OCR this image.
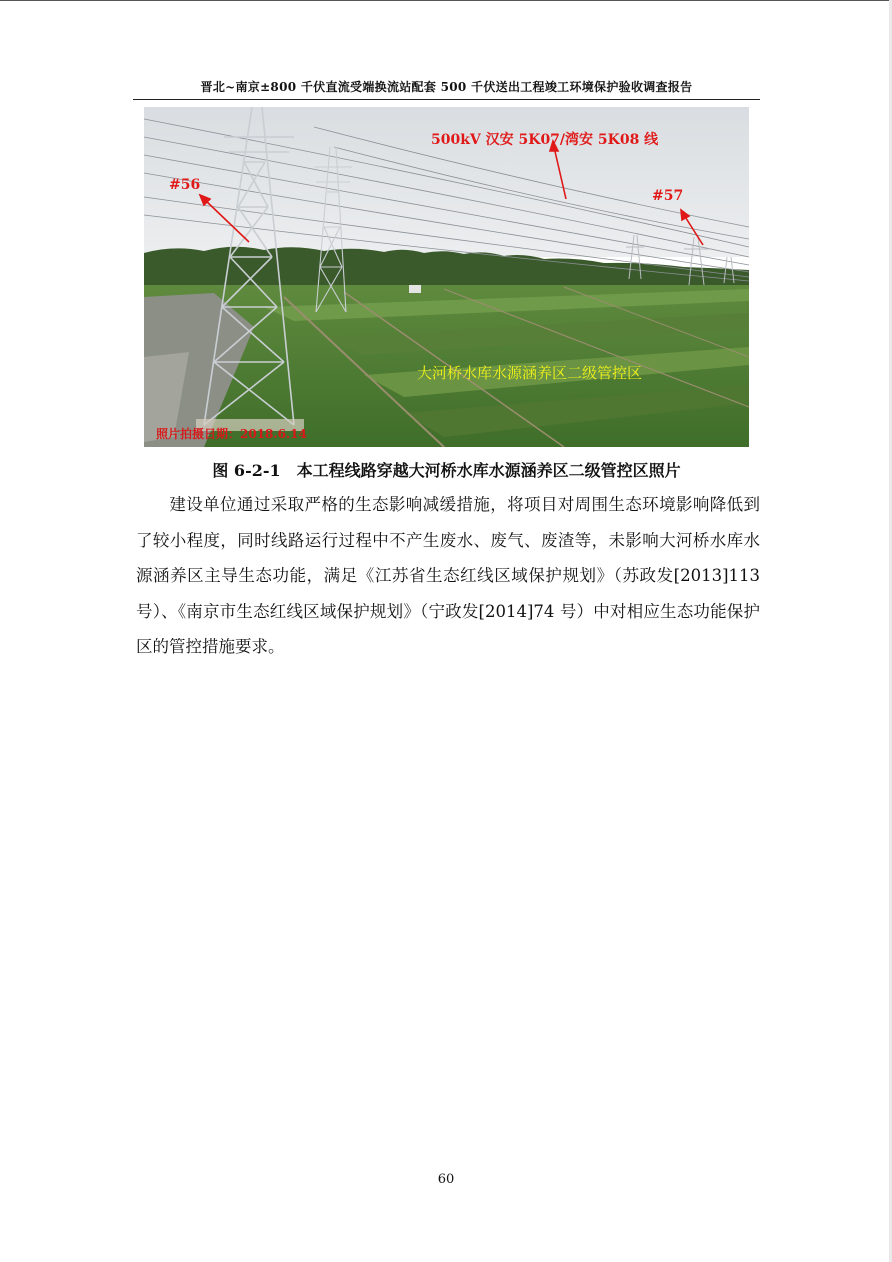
晋北~南京±800 千伏直流受端换流站配套 500 千伏送出工程竣工环境保护验收调查报告
500kV 汉安 5K07/湾安 5K08 线
#56
#57
大河桥水库水源涵养区二级管控区
照片拍摄日期：2018.6.14
图 6-2-1　本工程线路穿越大河桥水库水源涵养区二级管控区照片

建设单位通过采取严格的生态影响减缓措施，将项目对周围生态环境影响降低到了较小程度，同时线路运行过程中不产生废水、废气、废渣等，未影响大河桥水库水源涵养区主导生态功能，满足《江苏省生态红线区域保护规划》（苏政发[2013]113 号）、《南京市生态红线区域保护规划》（宁政发[2014]74 号）中对相应生态功能保护区的管控措施要求。

60
